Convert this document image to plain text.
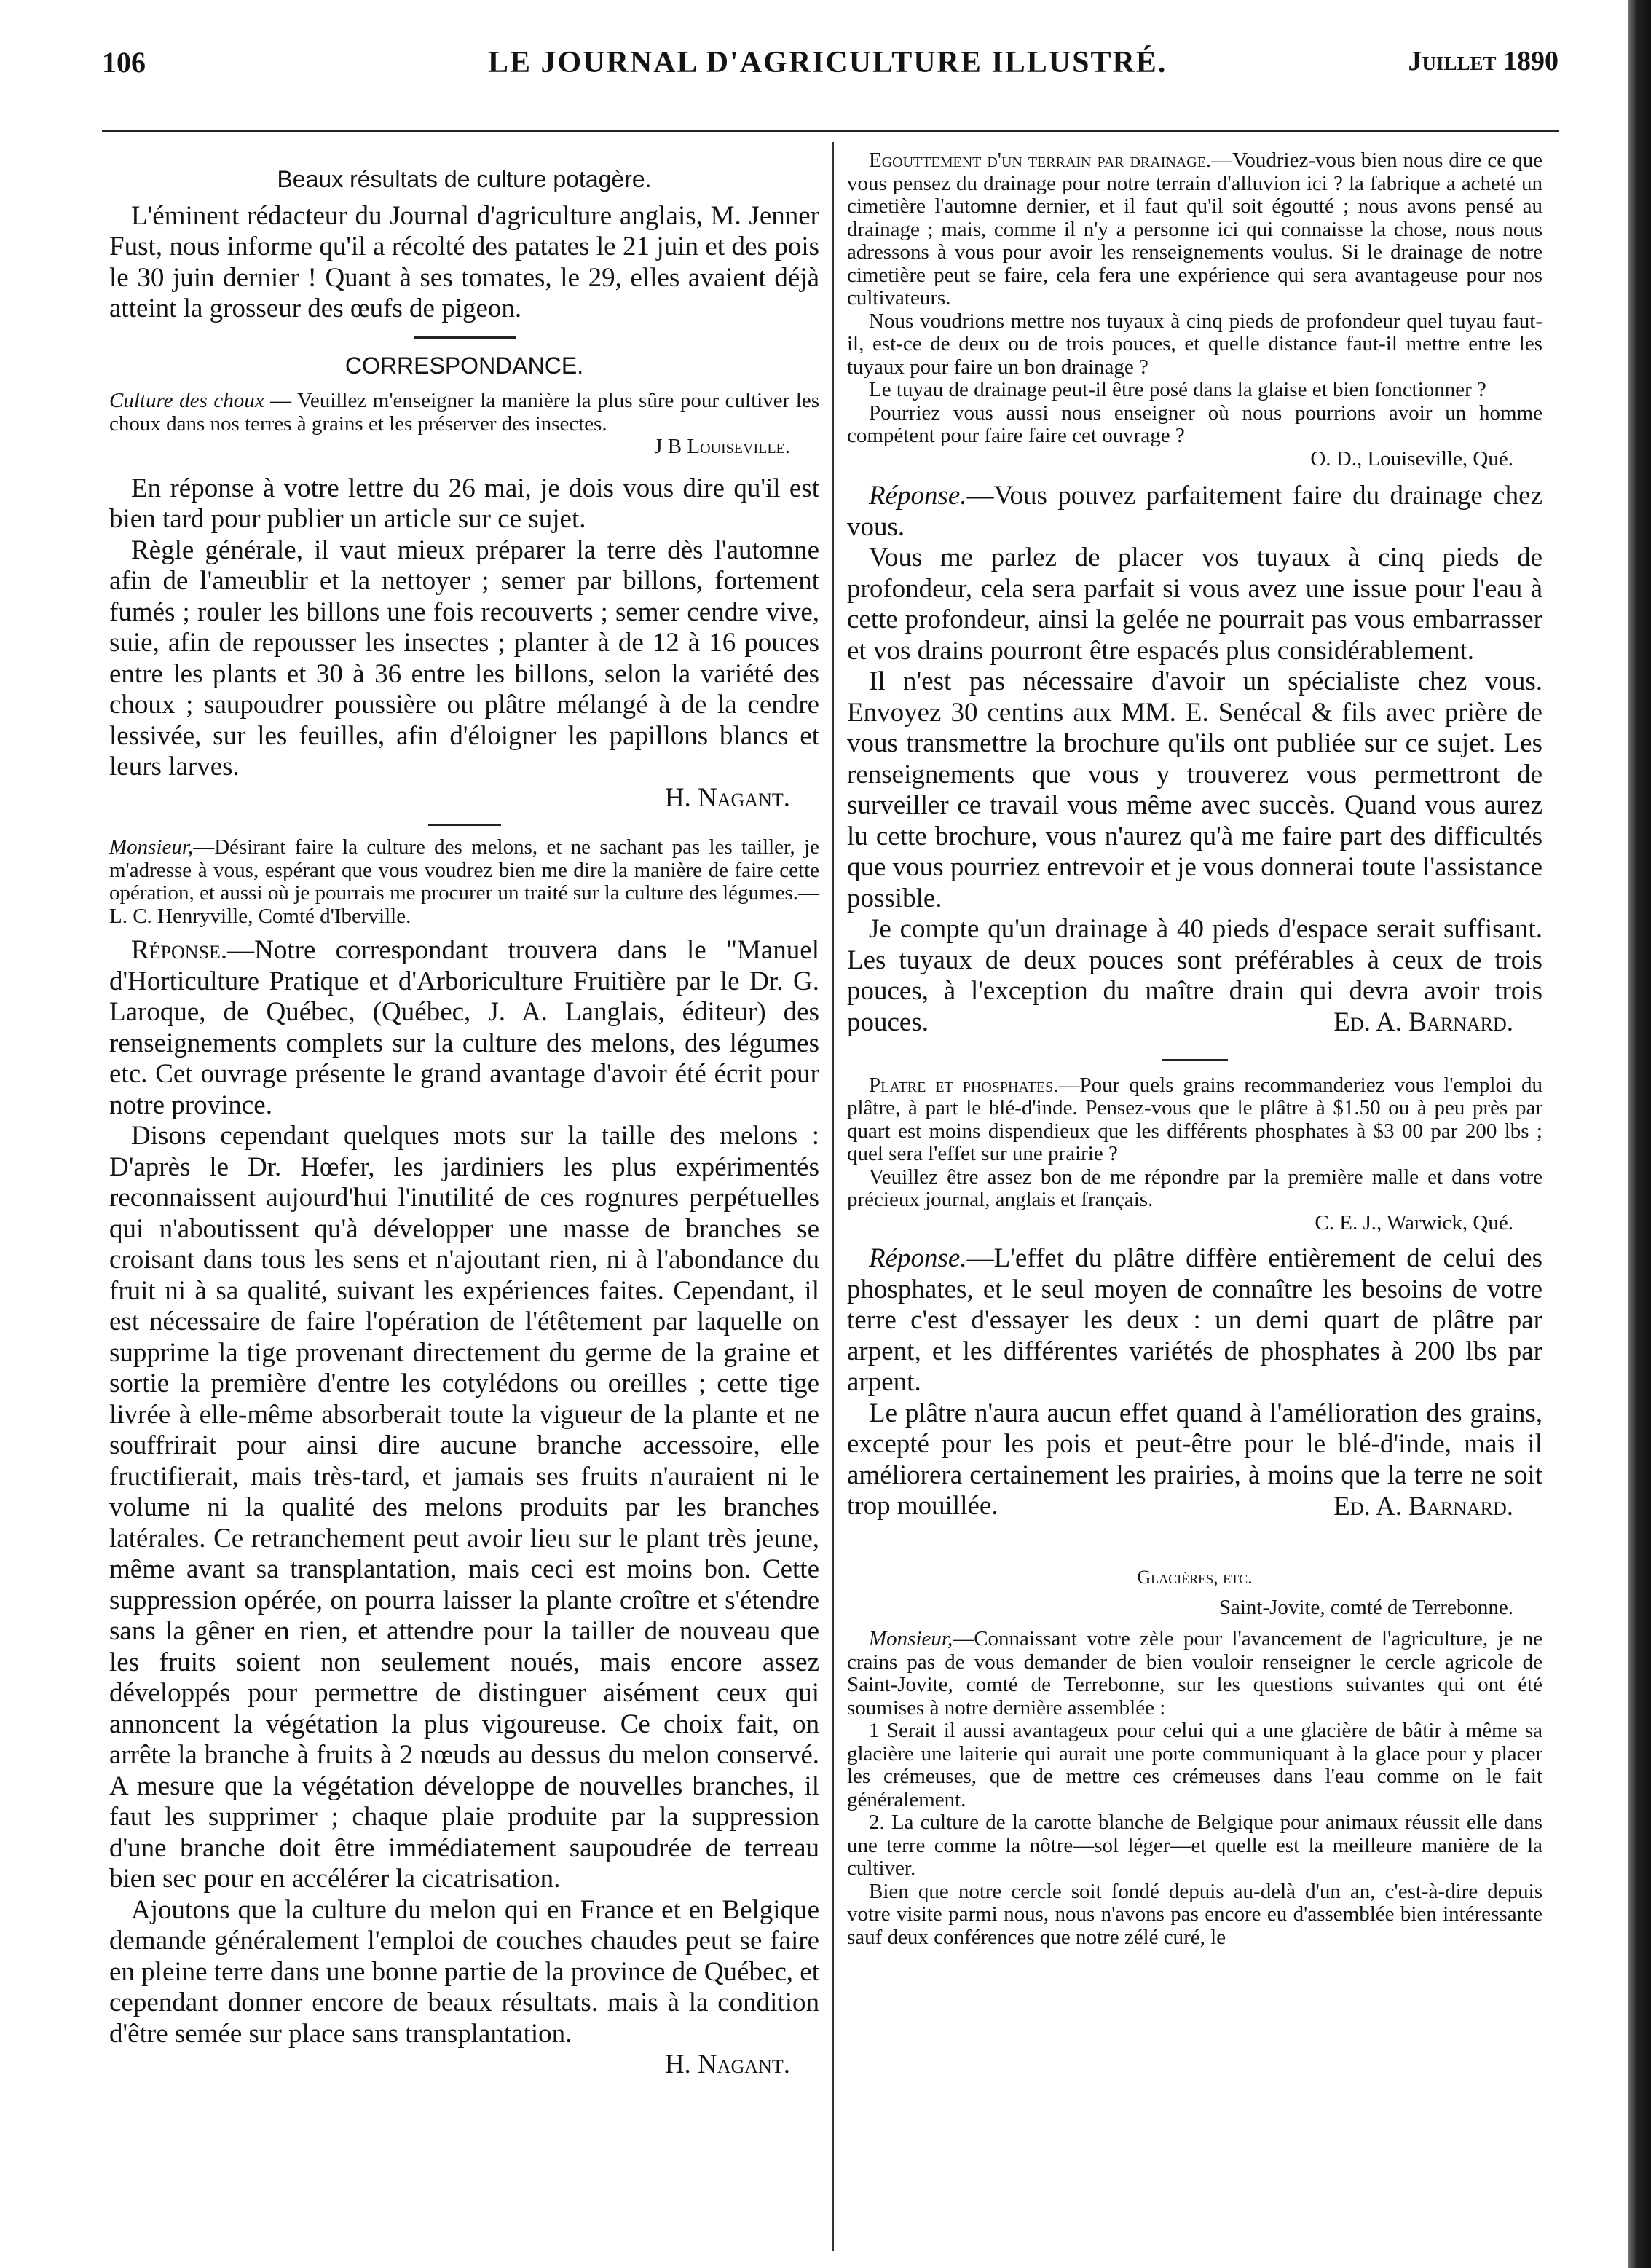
106	LE JOURNAL D'AGRICULTURE ILLUSTRÉ.	Juillet 1890

Beaux résultats de culture potagère.

L'éminent rédacteur du Journal d'agriculture anglais, M. Jenner Fust, nous informe qu'il a récolté des patates le 21 juin et des pois le 30 juin dernier ! Quant à ses tomates, le 29, elles avaient déjà atteint la grosseur des œufs de pigeon.

CORRESPONDANCE.

Culture des choux — Veuillez m'enseigner la manière la plus sûre pour cultiver les choux dans nos terres à grains et les préserver des insectes.

J B Louiseville.

En réponse à votre lettre du 26 mai, je dois vous dire qu'il est bien tard pour publier un article sur ce sujet.

Règle générale, il vaut mieux préparer la terre dès l'automne afin de l'ameublir et la nettoyer ; semer par billons, fortement fumés ; rouler les billons une fois recouverts ; semer cendre vive, suie, afin de repousser les insectes ; planter à de 12 à 16 pouces entre les plants et 30 à 36 entre les billons, selon la variété des choux ; saupoudrer poussière ou plâtre mélangé à de la cendre lessivée, sur les feuilles, afin d'éloigner les papillons blancs et leurs larves.

H. Nagant.

Monsieur,—Désirant faire la culture des melons, et ne sachant pas les tailler, je m'adresse à vous, espérant que vous voudrez bien me dire la manière de faire cette opération, et aussi où je pourrais me procurer un traité sur la culture des légumes.—L. C. Henryville, Comté d'Iberville.

Réponse.—Notre correspondant trouvera dans le "Manuel d'Horticulture Pratique et d'Arboriculture Fruitière par le Dr. G. Laroque, de Québec, (Québec, J. A. Langlais, éditeur) des renseignements complets sur la culture des melons, des légumes etc. Cet ouvrage présente le grand avantage d'avoir été écrit pour notre province.

Disons cependant quelques mots sur la taille des melons : D'après le Dr. Hœfer, les jardiniers les plus expérimentés reconnaissent aujourd'hui l'inutilité de ces rognures perpétuelles qui n'aboutissent qu'à développer une masse de branches se croisant dans tous les sens et n'ajoutant rien, ni à l'abondance du fruit ni à sa qualité, suivant les expériences faites. Cependant, il est nécessaire de faire l'opération de l'étêtement par laquelle on supprime la tige provenant directement du germe de la graine et sortie la première d'entre les cotylédons ou oreilles ; cette tige livrée à elle-même absorberait toute la vigueur de la plante et ne souffrirait pour ainsi dire aucune branche accessoire, elle fructifierait, mais très-tard, et jamais ses fruits n'auraient ni le volume ni la qualité des melons produits par les branches latérales. Ce retranchement peut avoir lieu sur le plant très jeune, même avant sa transplantation, mais ceci est moins bon. Cette suppression opérée, on pourra laisser la plante croître et s'étendre sans la gêner en rien, et attendre pour la tailler de nouveau que les fruits soient non seulement noués, mais encore assez développés pour permettre de distinguer aisément ceux qui annoncent la végétation la plus vigoureuse. Ce choix fait, on arrête la branche à fruits à 2 nœuds au dessus du melon conservé. A mesure que la végétation développe de nouvelles branches, il faut les supprimer ; chaque plaie produite par la suppression d'une branche doit être immédiatement saupoudrée de terreau bien sec pour en accélérer la cicatrisation.

Ajoutons que la culture du melon qui en France et en Belgique demande généralement l'emploi de couches chaudes peut se faire en pleine terre dans une bonne partie de la province de Québec, et cependant donner encore de beaux résultats. mais à la condition d'être semée sur place sans transplantation.

H. Nagant.

Egouttement d'un terrain par drainage.—Voudriez-vous bien nous dire ce que vous pensez du drainage pour notre terrain d'alluvion ici ? la fabrique a acheté un cimetière l'automne dernier, et il faut qu'il soit égoutté ; nous avons pensé au drainage ; mais, comme il n'y a personne ici qui connaisse la chose, nous nous adressons à vous pour avoir les renseignements voulus. Si le drainage de notre cimetière peut se faire, cela fera une expérience qui sera avantageuse pour nos cultivateurs.

Nous voudrions mettre nos tuyaux à cinq pieds de profondeur quel tuyau faut-il, est-ce de deux ou de trois pouces, et quelle distance faut-il mettre entre les tuyaux pour faire un bon drainage ?

Le tuyau de drainage peut-il être posé dans la glaise et bien fonctionner ?

Pourriez vous aussi nous enseigner où nous pourrions avoir un homme compétent pour faire faire cet ouvrage ?

O. D., Louiseville, Qué.

Réponse.—Vous pouvez parfaitement faire du drainage chez vous.

Vous me parlez de placer vos tuyaux à cinq pieds de profondeur, cela sera parfait si vous avez une issue pour l'eau à cette profondeur, ainsi la gelée ne pourrait pas vous embarrasser et vos drains pourront être espacés plus considérablement.

Il n'est pas nécessaire d'avoir un spécialiste chez vous. Envoyez 30 centins aux MM. E. Senécal & fils avec prière de vous transmettre la brochure qu'ils ont publiée sur ce sujet. Les renseignements que vous y trouverez vous permettront de surveiller ce travail vous même avec succès. Quand vous aurez lu cette brochure, vous n'aurez qu'à me faire part des difficultés que vous pourriez entrevoir et je vous donnerai toute l'assistance possible.

Je compte qu'un drainage à 40 pieds d'espace serait suffisant. Les tuyaux de deux pouces sont préférables à ceux de trois pouces, à l'exception du maître drain qui devra avoir trois pouces.	Ed. A. Barnard.

Platre et phosphates.—Pour quels grains recommanderiez vous l'emploi du plâtre, à part le blé-d'inde. Pensez-vous que le plâtre à $1.50 ou à peu près par quart est moins dispendieux que les différents phosphates à $3 00 par 200 lbs ; quel sera l'effet sur une prairie ?

Veuillez être assez bon de me répondre par la première malle et dans votre précieux journal, anglais et français.

C. E. J., Warwick, Qué.

Réponse.—L'effet du plâtre diffère entièrement de celui des phosphates, et le seul moyen de connaître les besoins de votre terre c'est d'essayer les deux : un demi quart de plâtre par arpent, et les différentes variétés de phosphates à 200 lbs par arpent.

Le plâtre n'aura aucun effet quand à l'amélioration des grains, excepté pour les pois et peut-être pour le blé-d'inde, mais il améliorera certainement les prairies, à moins que la terre ne soit trop mouillée.	Ed. A. Barnard.

Glacières, etc.

Saint-Jovite, comté de Terrebonne.

Monsieur,—Connaissant votre zèle pour l'avancement de l'agriculture, je ne crains pas de vous demander de bien vouloir renseigner le cercle agricole de Saint-Jovite, comté de Terrebonne, sur les questions suivantes qui ont été soumises à notre dernière assemblée :

1 Serait il aussi avantageux pour celui qui a une glacière de bâtir à même sa glacière une laiterie qui aurait une porte communiquant à la glace pour y placer les crémeuses, que de mettre ces crémeuses dans l'eau comme on le fait généralement.

2. La culture de la carotte blanche de Belgique pour animaux réussit elle dans une terre comme la nôtre—sol léger—et quelle est la meilleure manière de la cultiver.

Bien que notre cercle soit fondé depuis au-delà d'un an, c'est-à-dire depuis votre visite parmi nous, nous n'avons pas encore eu d'assemblée bien intéressante sauf deux conférences que notre zélé curé, le
